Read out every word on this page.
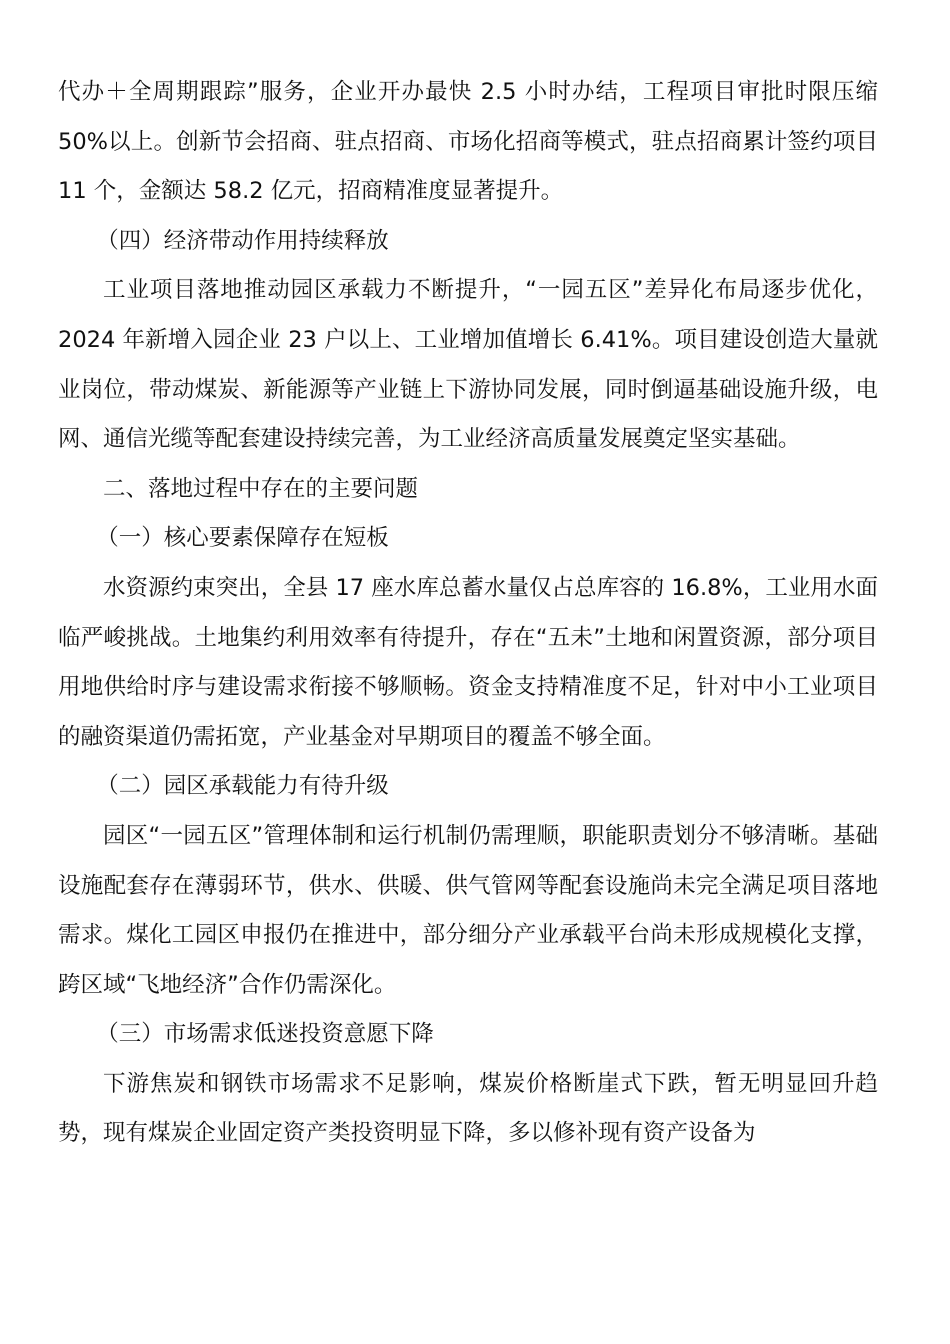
代办＋全周期跟踪”服务，企业开办最快 2.5 小时办结，工程项目审批时限压缩 50%以上。创新节会招商、驻点招商、市场化招商等模式，驻点招商累计签约项目 11 个，金额达 58.2 亿元，招商精准度显著提升。

（四）经济带动作用持续释放

工业项目落地推动园区承载力不断提升，“一园五区”差异化布局逐步优化，2024 年新增入园企业 23 户以上、工业增加值增长 6.41%。项目建设创造大量就业岗位，带动煤炭、新能源等产业链上下游协同发展，同时倒逼基础设施升级，电网、通信光缆等配套建设持续完善，为工业经济高质量发展奠定坚实基础。

二、落地过程中存在的主要问题

（一）核心要素保障存在短板

水资源约束突出，全县 17 座水库总蓄水量仅占总库容的 16.8%，工业用水面临严峻挑战。土地集约利用效率有待提升，存在“五未”土地和闲置资源，部分项目用地供给时序与建设需求衔接不够顺畅。资金支持精准度不足，针对中小工业项目的融资渠道仍需拓宽，产业基金对早期项目的覆盖不够全面。

（二）园区承载能力有待升级

园区“一园五区”管理体制和运行机制仍需理顺，职能职责划分不够清晰。基础设施配套存在薄弱环节，供水、供暖、供气管网等配套设施尚未完全满足项目落地需求。煤化工园区申报仍在推进中，部分细分产业承载平台尚未形成规模化支撑，跨区域“飞地经济”合作仍需深化。

（三）市场需求低迷投资意愿下降

下游焦炭和钢铁市场需求不足影响，煤炭价格断崖式下跌，暂无明显回升趋势，现有煤炭企业固定资产类投资明显下降，多以修补现有资产设备为
